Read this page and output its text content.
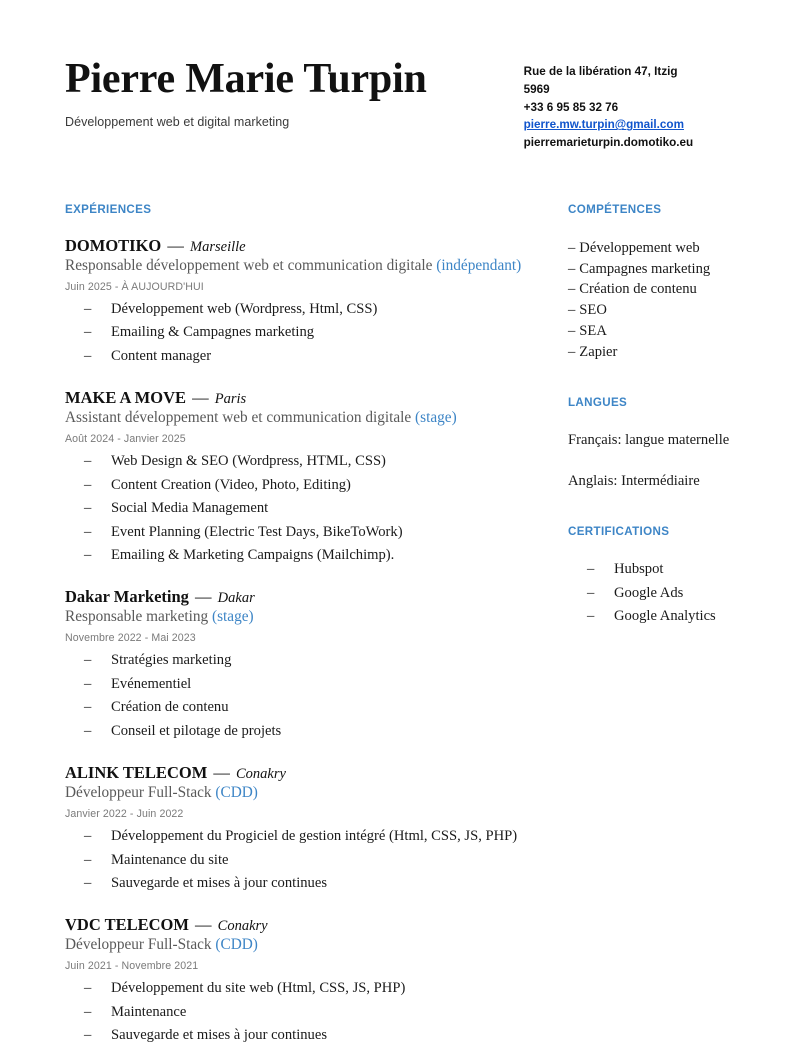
Pierre Marie Turpin
Développement web et digital marketing
Rue de la libération 47, Itzig
5969
+33 6 95 85 32 76
pierre.mw.turpin@gmail.com
pierremarieturpin.domotiko.eu
EXPÉRIENCES
DOMOTIKO — Marseille
Responsable développement web et communication digitale (indépendant)
Juin 2025 - À AUJOURD'HUI
– Développement web (Wordpress, Html, CSS)
– Emailing & Campagnes marketing
– Content manager
MAKE A MOVE — Paris
Assistant développement web et communication digitale (stage)
Août 2024 - Janvier 2025
– Web Design & SEO (Wordpress, HTML, CSS)
– Content Creation (Video, Photo, Editing)
– Social Media Management
– Event Planning (Electric Test Days, BikeToWork)
– Emailing & Marketing Campaigns (Mailchimp).
Dakar Marketing — Dakar
Responsable marketing (stage)
Novembre 2022 - Mai 2023
– Stratégies marketing
– Evénementiel
– Création de contenu
– Conseil et pilotage de projets
ALINK TELECOM — Conakry
Développeur Full-Stack (CDD)
Janvier 2022 - Juin 2022
– Développement du Progiciel de gestion intégré (Html, CSS, JS, PHP)
– Maintenance du site
– Sauvegarde et mises à jour continues
VDC TELECOM — Conakry
Développeur Full-Stack (CDD)
Juin 2021 - Novembre 2021
– Développement du site web (Html, CSS, JS, PHP)
– Maintenance
– Sauvegarde et mises à jour continues
COMPÉTENCES
– Développement web
– Campagnes marketing
– Création de contenu
– SEO
– SEA
– Zapier
LANGUES
Français: langue maternelle
Anglais: Intermédiaire
CERTIFICATIONS
– Hubspot
– Google Ads
– Google Analytics
